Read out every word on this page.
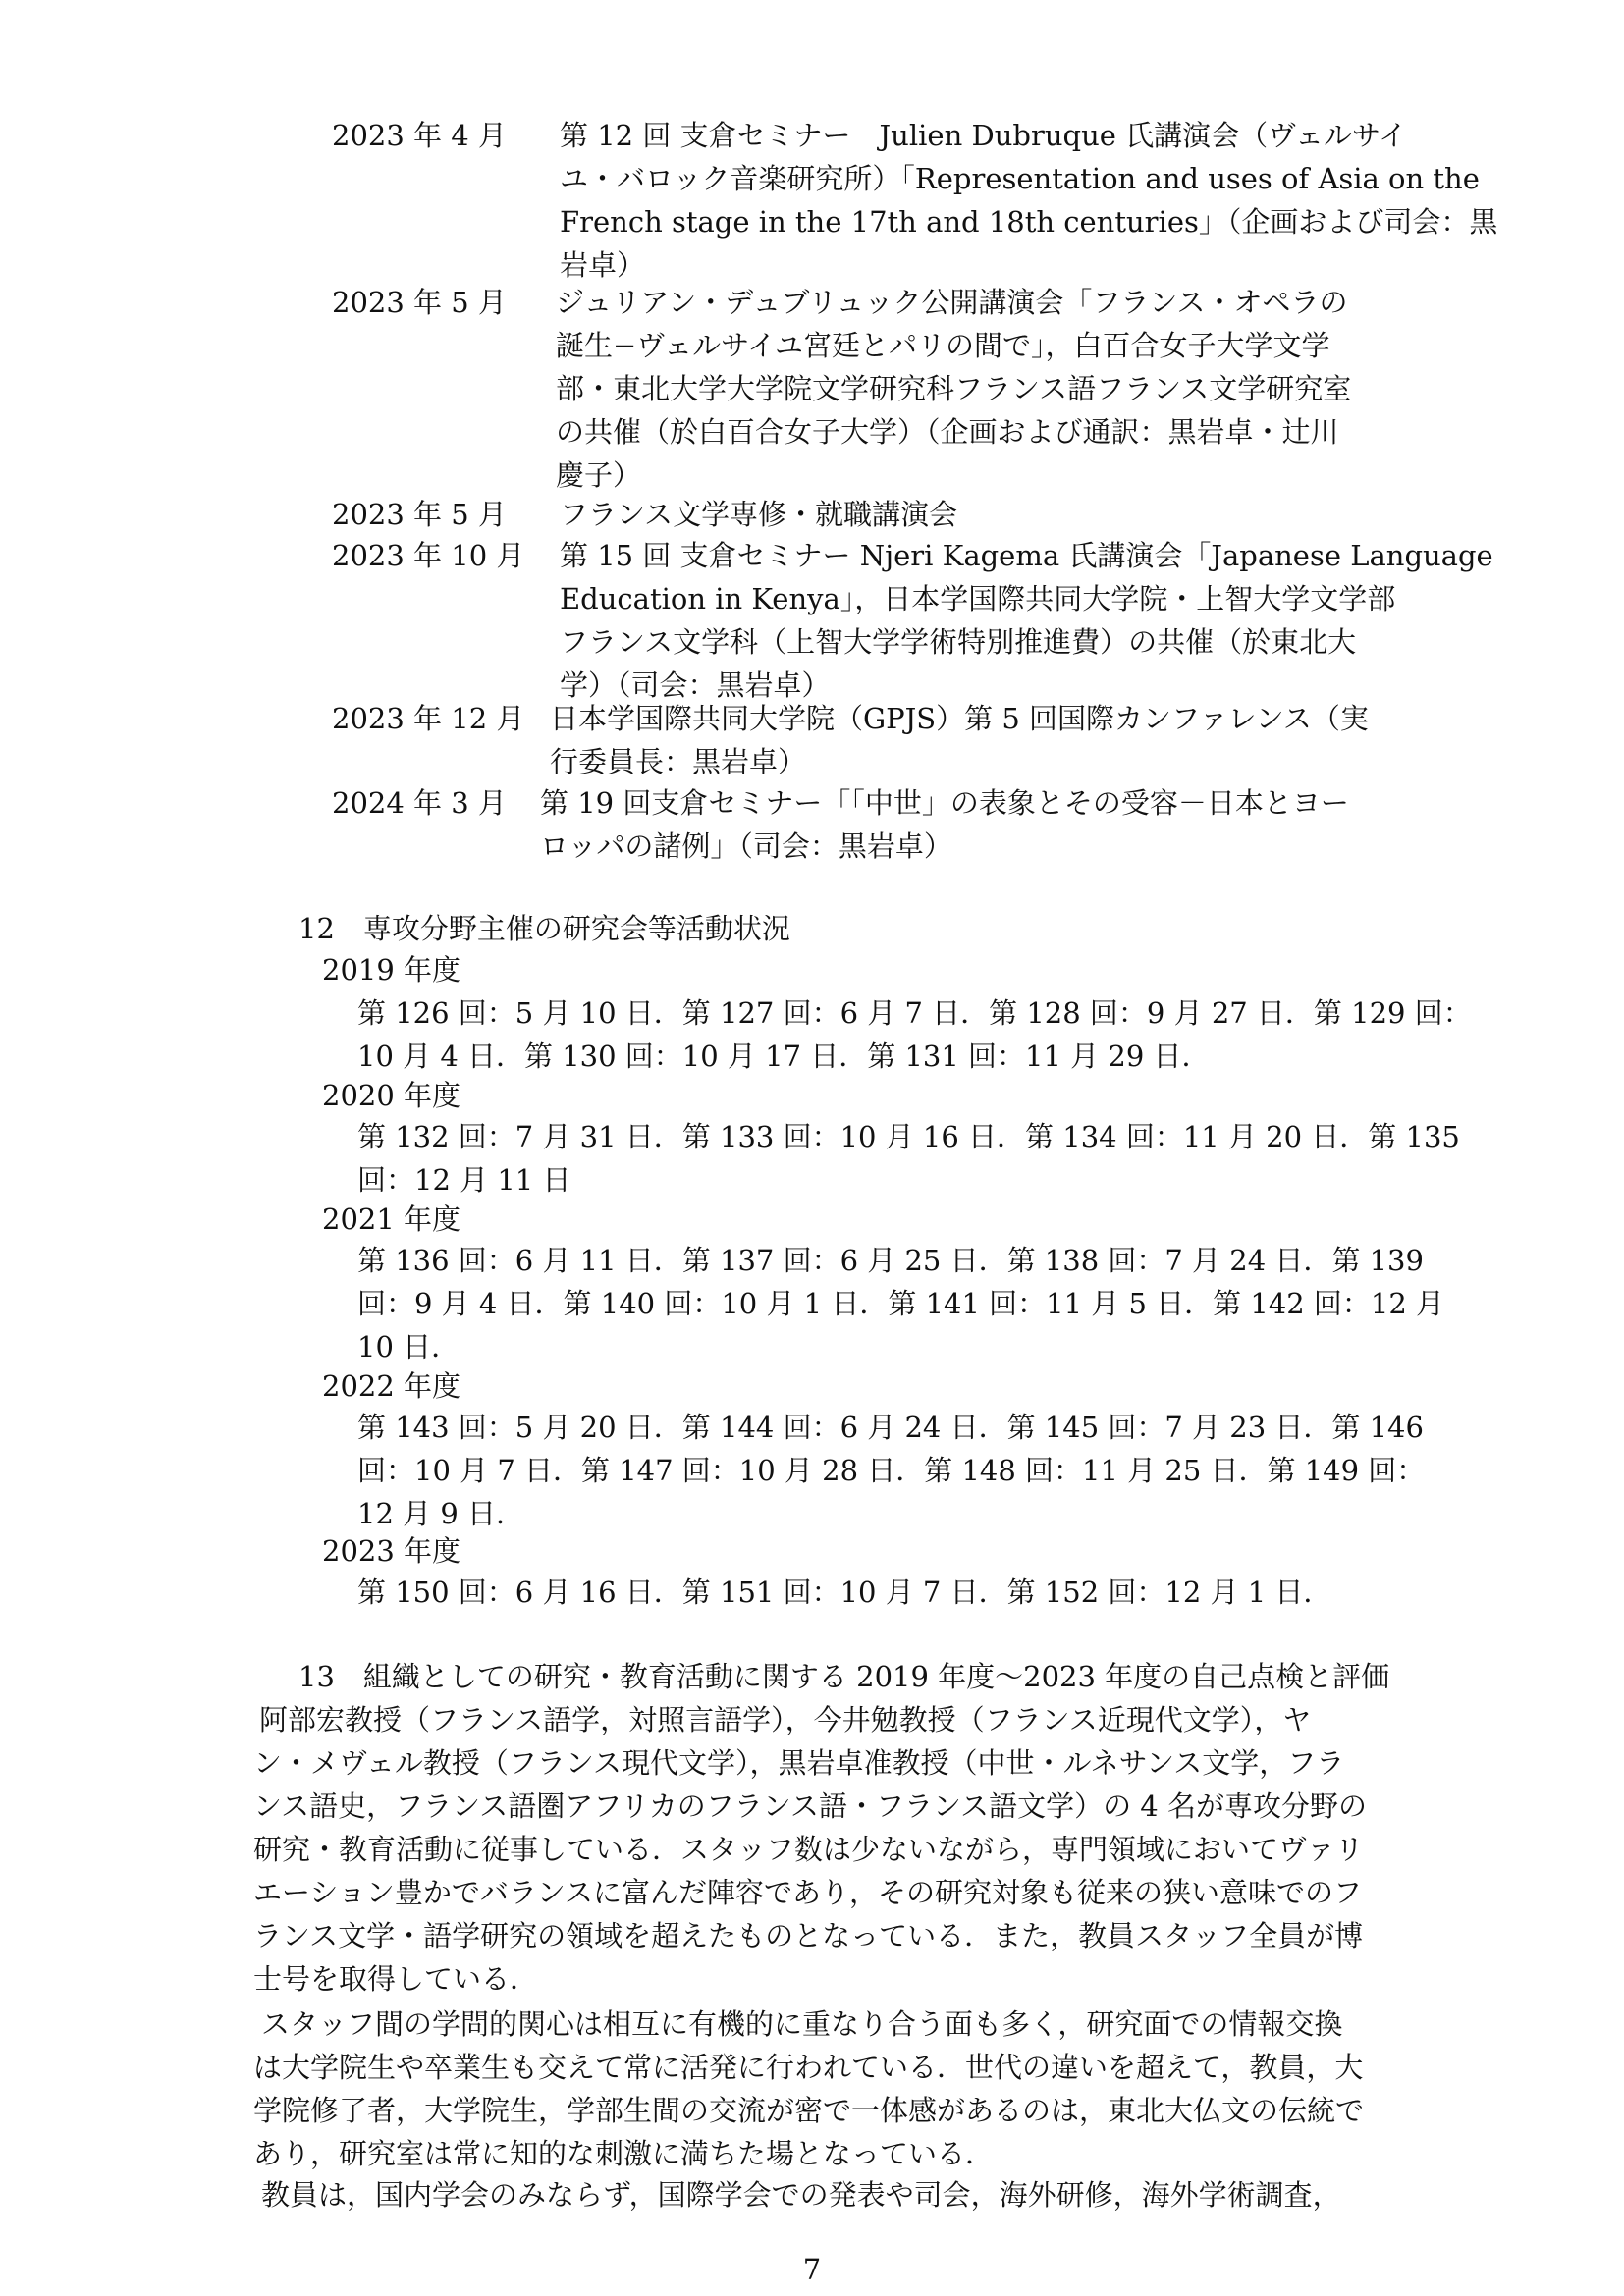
2023 年 4 月 第 12 回 支倉セミナー　Julien Dubruque 氏講演会（ヴェルサイ
ユ・バロック音楽研究所）「Representation and uses of Asia on the
French stage in the 17th and 18th centuries」（企画および司会：黒
岩卓）
2023 年 5 月 ジュリアン・デュブリュック公開講演会「フランス・オペラの
誕生−ヴェルサイユ宮廷とパリの間で」，白百合女子大学文学
部・東北大学大学院文学研究科フランス語フランス文学研究室
の共催（於白百合女子大学）（企画および通訳：黒岩卓・辻川
慶子）
2023 年 5 月 フランス文学専修・就職講演会
2023 年 10 月 第 15 回 支倉セミナー Njeri Kagema 氏講演会「Japanese Language
Education in Kenya」，日本学国際共同大学院・上智大学文学部
フランス文学科（上智大学学術特別推進費）の共催（於東北大
学）（司会：黒岩卓）
2023 年 12 月 日本学国際共同大学院（GPJS）第 5 回国際カンファレンス（実
行委員長：黒岩卓）
2024 年 3 月 第 19 回支倉セミナー「「中世」の表象とその受容－日本とヨー
ロッパの諸例」（司会：黒岩卓）
12　専攻分野主催の研究会等活動状況
2019 年度
第 126 回：5 月 10 日．第 127 回：6 月 7 日．第 128 回：9 月 27 日．第 129 回：
10 月 4 日．第 130 回：10 月 17 日．第 131 回：11 月 29 日．
2020 年度
第 132 回：7 月 31 日．第 133 回：10 月 16 日．第 134 回：11 月 20 日．第 135
回：12 月 11 日
2021 年度
第 136 回：6 月 11 日．第 137 回：6 月 25 日．第 138 回：7 月 24 日．第 139
回：9 月 4 日．第 140 回：10 月 1 日．第 141 回：11 月 5 日．第 142 回：12 月
10 日．
2022 年度
第 143 回：5 月 20 日．第 144 回：6 月 24 日．第 145 回：7 月 23 日．第 146
回：10 月 7 日．第 147 回：10 月 28 日．第 148 回：11 月 25 日．第 149 回：
12 月 9 日．
2023 年度
第 150 回：6 月 16 日．第 151 回：10 月 7 日．第 152 回：12 月 1 日．
13　組織としての研究・教育活動に関する 2019 年度～2023 年度の自己点検と評価
阿部宏教授（フランス語学，対照言語学），今井勉教授（フランス近現代文学），ヤ
ン・メヴェル教授（フランス現代文学），黒岩卓准教授（中世・ルネサンス文学，フラ
ンス語史，フランス語圏アフリカのフランス語・フランス語文学）の 4 名が専攻分野の
研究・教育活動に従事している．スタッフ数は少ないながら，専門領域においてヴァリ
エーション豊かでバランスに富んだ陣容であり，その研究対象も従来の狭い意味でのフ
ランス文学・語学研究の領域を超えたものとなっている．また，教員スタッフ全員が博
士号を取得している．
スタッフ間の学問的関心は相互に有機的に重なり合う面も多く，研究面での情報交換
は大学院生や卒業生も交えて常に活発に行われている．世代の違いを超えて，教員，大
学院修了者，大学院生，学部生間の交流が密で一体感があるのは，東北大仏文の伝統で
あり，研究室は常に知的な刺激に満ちた場となっている．
教員は，国内学会のみならず，国際学会での発表や司会，海外研修，海外学術調査，
7
